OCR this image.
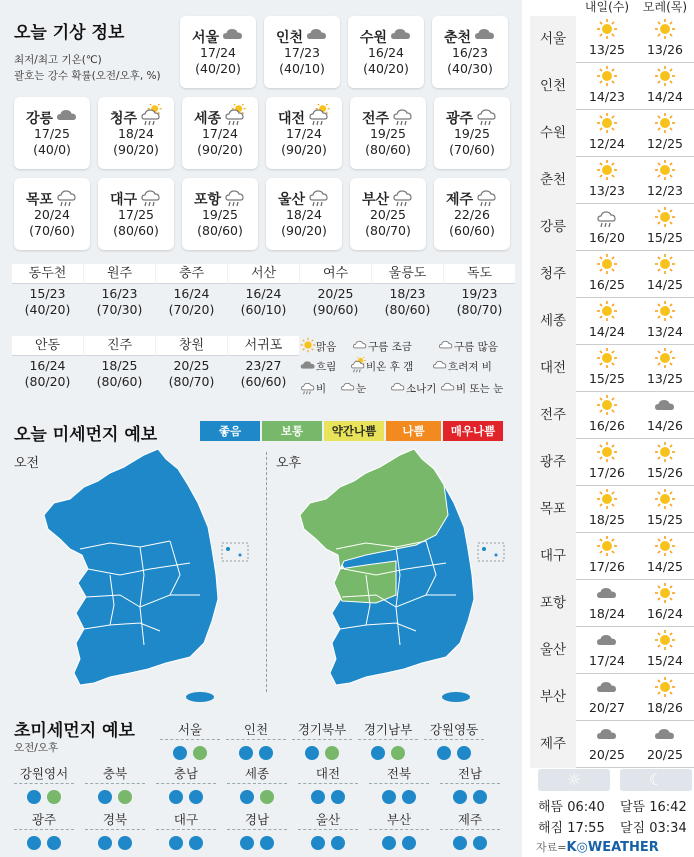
오늘 기상 정보
최저/최고 기온(℃)
괄호는 강수 확률(오전/오후, %)
서울
17/24
(40/20)
인천
17/23
(40/10)
수원
16/24
(40/20)
춘천
16/23
(40/30)
강릉
17/25
(40/0)
청주
18/24
(90/20)
세종
17/24
(90/20)
대전
17/24
(90/20)
전주
19/25
(80/60)
광주
19/25
(70/60)
목포
20/24
(70/60)
대구
17/25
(80/60)
포항
19/25
(80/60)
울산
18/24
(90/20)
부산
20/25
(80/70)
제주
22/26
(60/60)
동두천
15/23
(40/20)
원주
16/23
(70/30)
충주
16/24
(70/20)
서산
16/24
(60/10)
여수
20/25
(90/60)
울릉도
18/23
(80/60)
독도
19/23
(80/70)
안동
16/24
(80/20)
진주
18/25
(80/60)
창원
20/25
(80/70)
서귀포
23/27
(60/60)
맑음	구름 조금	구름 많음
흐림	비온 후 갬	흐려져 비
비	눈	소나기	비 또는 눈
오늘 미세먼지 예보	좋음	보통	약간나쁨	나쁨	매우나쁨
오전	오후
초미세먼지 예보
오전/오후
서울	인천	경기북부	경기남부	강원영동
강원영서	충북	충남	세종	대전	전북	전남
광주	경북	대구	경남	울산	부산	제주
내일(수)	모레(목)
서울
13/25	13/26
인천
14/23	14/24
수원
12/24	12/25
춘천
13/23	12/23
강릉
16/20	15/25
청주
16/25	14/25
세종
14/24	13/24
대전
15/25	13/25
전주
16/26	14/26
광주
17/26	15/26
목포
18/25	15/25
대구
17/26	14/25
포항
18/24	16/24
울산
17/24	15/24
부산
20/27	18/26
제주
20/25	20/25
☼	☾
해뜸 06:40 달뜸 16:42
해짐 17:55 달짐 03:34
자료=K◎WEATHER
